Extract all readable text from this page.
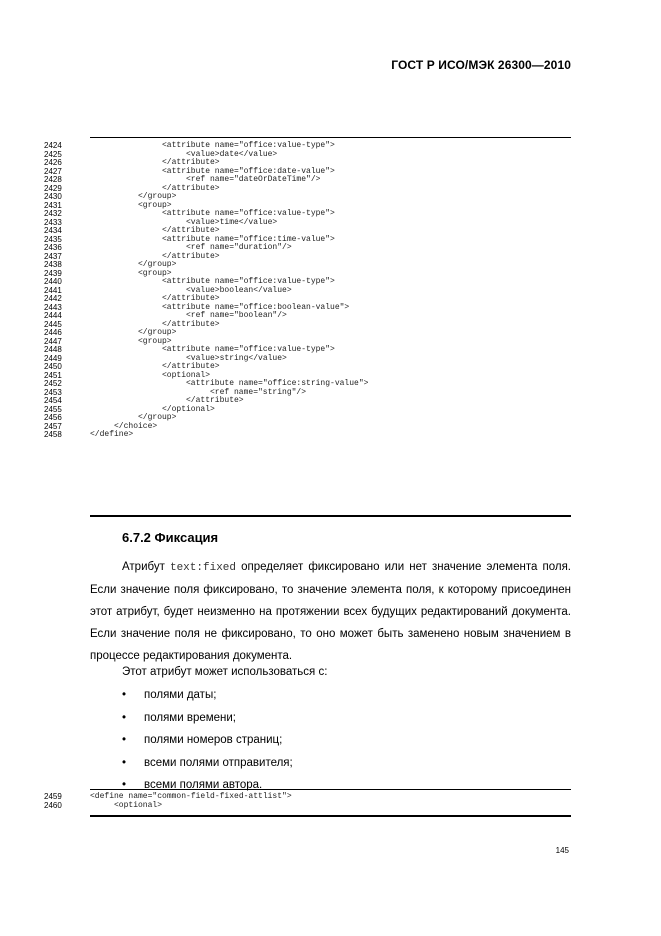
ГОСТ Р ИСО/МЭК 26300—2010
2424	<attribute name="office:value-type">
2425	<value>date</value>
2426	</attribute>
2427	<attribute name="office:date-value">
2428	<ref name="dateOrDateTime"/>
2429	</attribute>
2430	</group>
2431	<group>
2432	<attribute name="office:value-type">
2433	<value>time</value>
2434	</attribute>
2435	<attribute name="office:time-value">
2436	<ref name="duration"/>
2437	</attribute>
2438	</group>
2439	<group>
2440	<attribute name="office:value-type">
2441	<value>boolean</value>
2442	</attribute>
2443	<attribute name="office:boolean-value">
2444	<ref name="boolean"/>
2445	</attribute>
2446	</group>
2447	<group>
2448	<attribute name="office:value-type">
2449	<value>string</value>
2450	</attribute>
2451	<optional>
2452	<attribute name="office:string-value">
2453	<ref name="string"/>
2454	</attribute>
2455	</optional>
2456	</group>
2457	</choice>
2458	</define>
6.7.2 Фиксация
Атрибут text:fixed определяет фиксировано или нет значение элемента поля. Если значение поля фиксировано, то значение элемента поля, к которому присоединен этот атрибут, будет неизменно на протяжении всех будущих редактирований документа. Если значение поля не фиксировано, то оно может быть заменено новым значением в процессе редактирования документа.
Этот атрибут может использоваться с:
• полями даты;
• полями времени;
• полями номеров страниц;
• всеми полями отправителя;
• всеми полями автора.
2459	<define name="common-field-fixed-attlist">
2460	<optional>
145
